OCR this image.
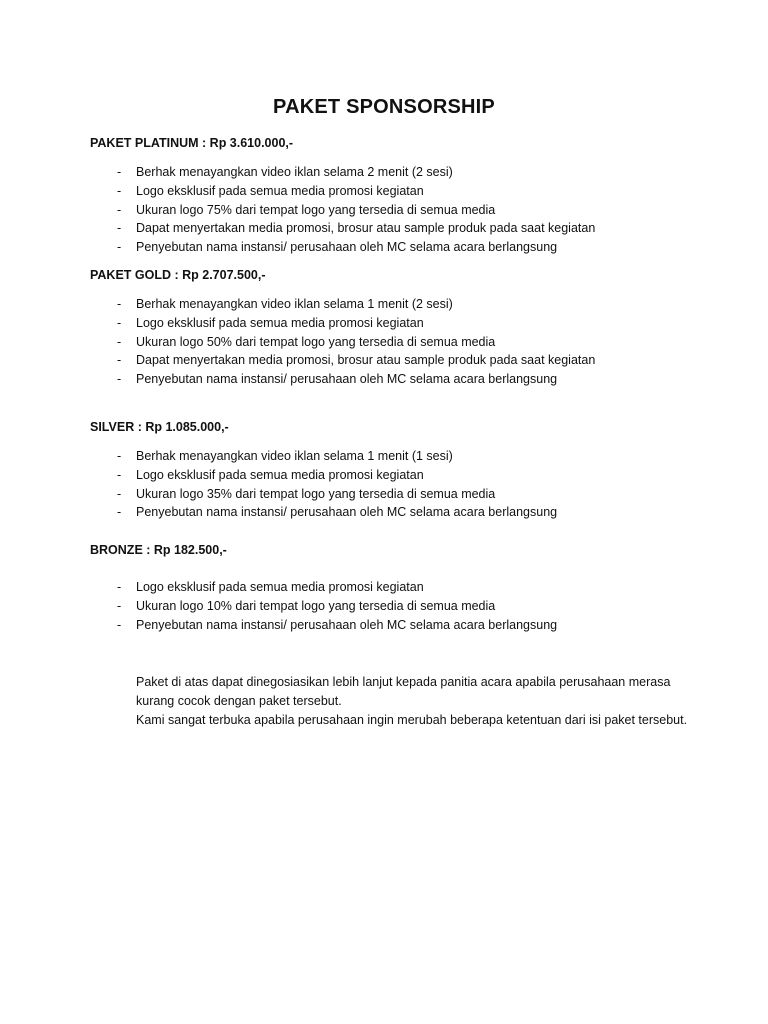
PAKET SPONSORSHIP
PAKET PLATINUM : Rp 3.610.000,-
- Berhak menayangkan video iklan selama 2 menit (2 sesi)
- Logo eksklusif pada semua media promosi kegiatan
- Ukuran logo 75% dari tempat logo yang tersedia di semua media
- Dapat menyertakan media promosi, brosur atau sample produk pada saat kegiatan
- Penyebutan nama instansi/ perusahaan oleh MC selama acara berlangsung
PAKET GOLD : Rp 2.707.500,-
- Berhak menayangkan video iklan selama 1 menit (2 sesi)
- Logo eksklusif pada semua media promosi kegiatan
- Ukuran logo 50% dari tempat logo yang tersedia di semua media
- Dapat menyertakan media promosi, brosur atau sample produk pada saat kegiatan
- Penyebutan nama instansi/ perusahaan oleh MC selama acara berlangsung
SILVER : Rp 1.085.000,-
- Berhak menayangkan video iklan selama 1 menit (1 sesi)
- Logo eksklusif pada semua media promosi kegiatan
- Ukuran logo 35% dari tempat logo yang tersedia di semua media
- Penyebutan nama instansi/ perusahaan oleh MC selama acara berlangsung
BRONZE : Rp 182.500,-
- Logo eksklusif pada semua media promosi kegiatan
- Ukuran logo 10% dari tempat logo yang tersedia di semua media
- Penyebutan nama instansi/ perusahaan oleh MC selama acara berlangsung

Paket di atas dapat dinegosiasikan lebih lanjut kepada panitia acara apabila perusahaan merasa kurang cocok dengan paket tersebut.

Kami sangat terbuka apabila perusahaan ingin merubah beberapa ketentuan dari isi paket tersebut.
